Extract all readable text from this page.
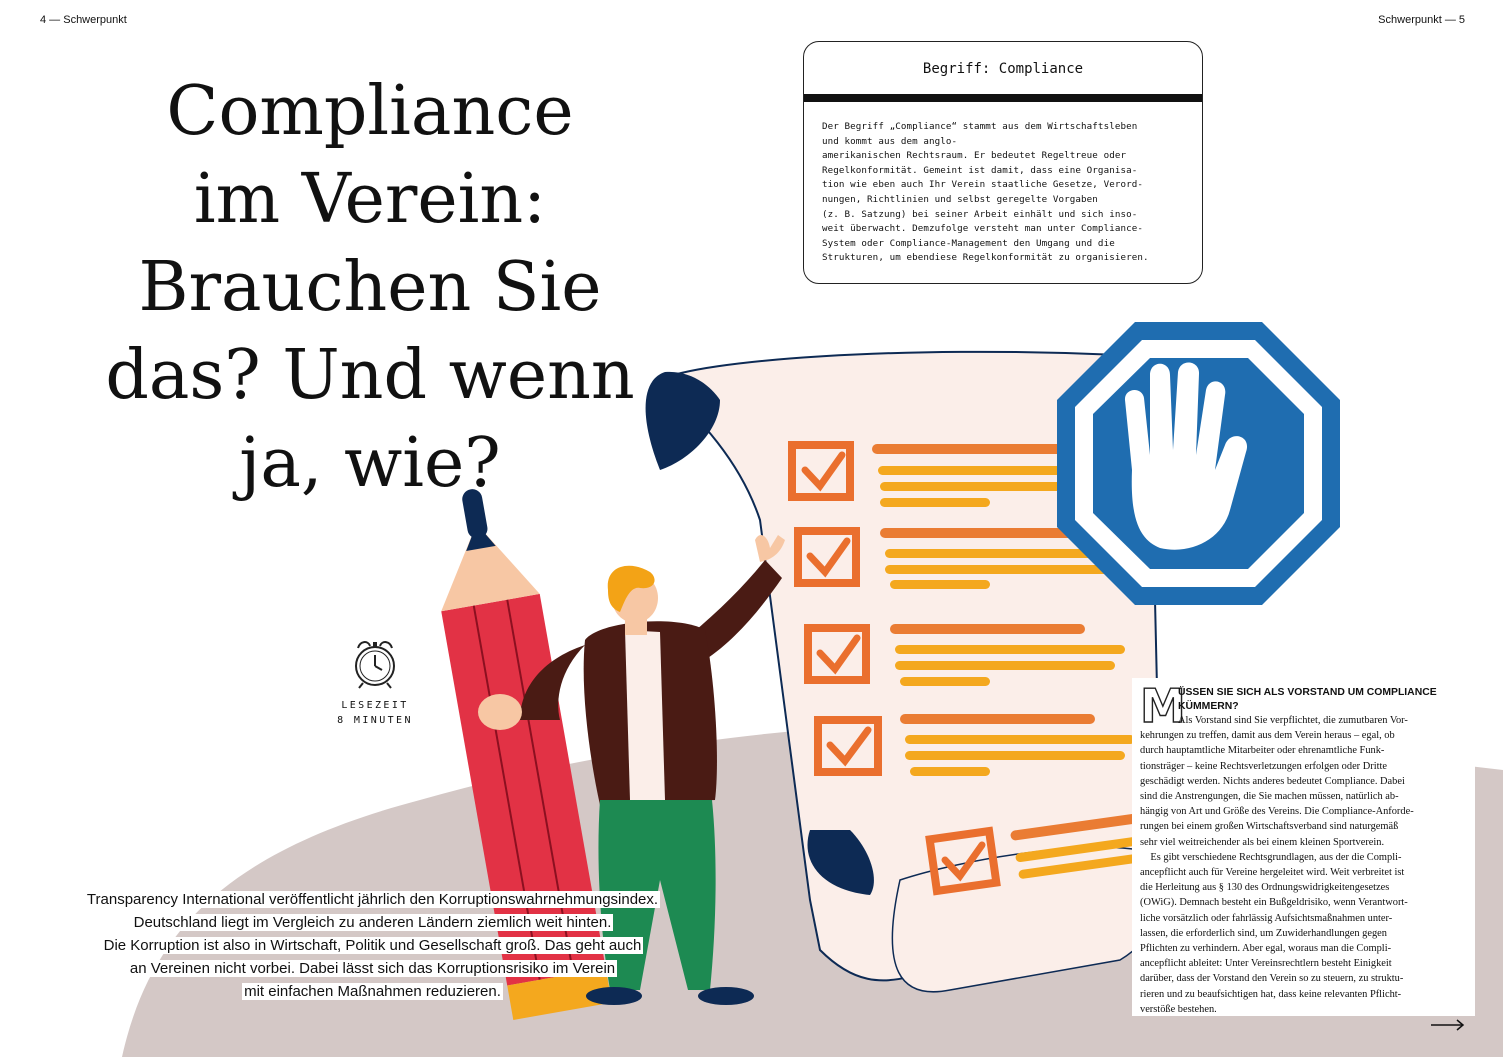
4 — Schwerpunkt	Schwerpunkt — 5
Compliance
im Verein:
Brauchen Sie
das? Und wenn
ja, wie?
Begriff: Compliance
Der Begriff „Compliance“ stammt aus dem Wirtschaftsleben
und kommt aus dem anglo-
amerikanischen Rechtsraum. Er bedeutet Regeltreue oder
Regelkonformität. Gemeint ist damit, dass eine Organisa-
tion wie eben auch Ihr Verein staatliche Gesetze, Verord-
nungen, Richtlinien und selbst geregelte Vorgaben
(z. B. Satzung) bei seiner Arbeit einhält und sich inso-
weit überwacht. Demzufolge versteht man unter Compliance-
System oder Compliance-Management den Umgang und die
Strukturen, um ebendiese Regelkonformität zu organisieren.
LESEZEIT
8 MINUTEN
Transparency International veröffentlicht jährlich den Korruptionswahrnehmungsindex.
Deutschland liegt im Vergleich zu anderen Ländern ziemlich weit hinten.
Die Korruption ist also in Wirtschaft, Politik und Gesellschaft groß. Das geht auch
an Vereinen nicht vorbei. Dabei lässt sich das Korruptionsrisiko im Verein
mit einfachen Maßnahmen reduzieren.
M
ÜSSEN SIE SICH ALS VORSTAND UM COMPLIANCE
KÜMMERN?
Als Vorstand sind Sie verpflichtet, die zumutbaren Vor-
kehrungen zu treffen, damit aus dem Verein heraus – egal, ob
durch hauptamtliche Mitarbeiter oder ehrenamtliche Funk-
tionsträger – keine Rechtsverletzungen erfolgen oder Dritte
geschädigt werden. Nichts anderes bedeutet Compliance. Dabei
sind die Anstrengungen, die Sie machen müssen, natürlich ab-
hängig von Art und Größe des Vereins. Die Compliance-Anforde-
rungen bei einem großen Wirtschaftsverband sind naturgemäß
sehr viel weitreichender als bei einem kleinen Sportverein.
Es gibt verschiedene Rechtsgrundlagen, aus der die Compli-
ancepflicht auch für Vereine hergeleitet wird. Weit verbreitet ist
die Herleitung aus § 130 des Ordnungswidrigkeitengesetzes
(OWiG). Demnach besteht ein Bußgeldrisiko, wenn Verantwort-
liche vorsätzlich oder fahrlässig Aufsichtsmaßnahmen unter-
lassen, die erforderlich sind, um Zuwiderhandlungen gegen
Pflichten zu verhindern. Aber egal, woraus man die Compli-
ancepflicht ableitet: Unter Vereinsrechtlern besteht Einigkeit
darüber, dass der Vorstand den Verein so zu steuern, zu struktu-
rieren und zu beaufsichtigen hat, dass keine relevanten Pflicht-
verstöße bestehen.
